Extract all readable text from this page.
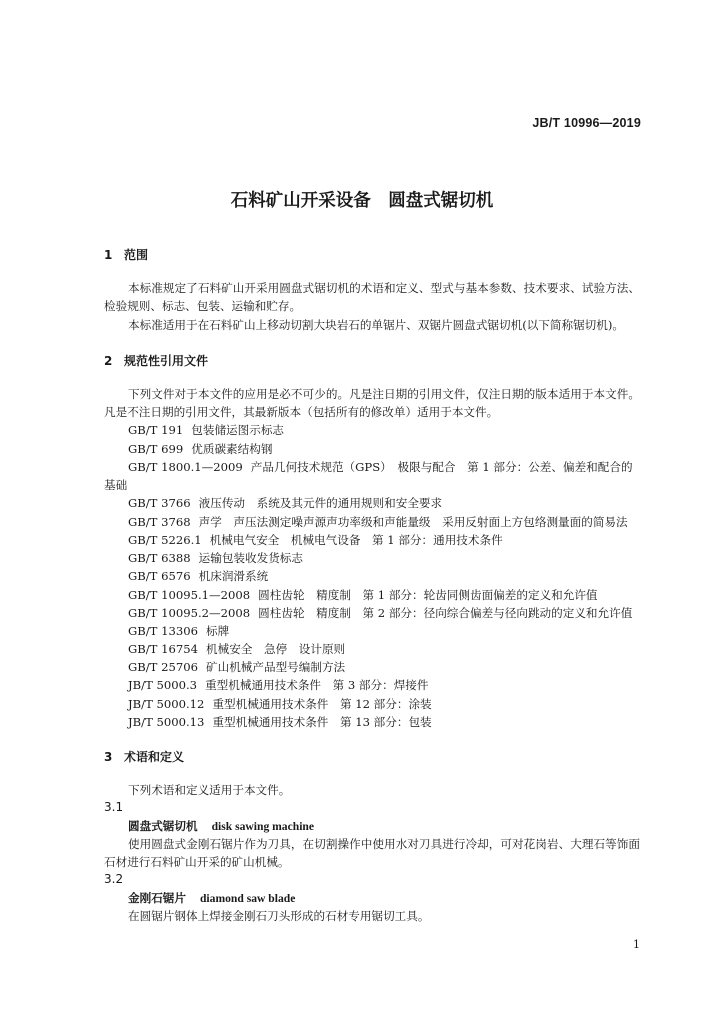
JB/T 10996—2019
石料矿山开采设备　圆盘式锯切机
1 范围

本标准规定了石料矿山开采用圆盘式锯切机的术语和定义、型式与基本参数、技术要求、试验方法、检验规则、标志、包装、运输和贮存。

本标准适用于在石料矿山上移动切割大块岩石的单锯片、双锯片圆盘式锯切机(以下简称锯切机)。

2 规范性引用文件

下列文件对于本文件的应用是必不可少的。凡是注日期的引用文件，仅注日期的版本适用于本文件。凡是不注日期的引用文件，其最新版本（包括所有的修改单）适用于本文件。

GB/T 191 包装储运图示标志
GB/T 699 优质碳素结构钢
GB/T 1800.1—2009 产品几何技术规范（GPS）　极限与配合　第 1 部分：公差、偏差和配合的基础
GB/T 3766 液压传动　系统及其元件的通用规则和安全要求
GB/T 3768 声学　声压法测定噪声源声功率级和声能量级　采用反射面上方包络测量面的简易法
GB/T 5226.1 机械电气安全　机械电气设备　第 1 部分：通用技术条件
GB/T 6388 运输包装收发货标志
GB/T 6576 机床润滑系统
GB/T 10095.1—2008 圆柱齿轮　精度制　第 1 部分：轮齿同侧齿面偏差的定义和允许值
GB/T 10095.2—2008 圆柱齿轮　精度制　第 2 部分：径向综合偏差与径向跳动的定义和允许值
GB/T 13306 标牌
GB/T 16754 机械安全　急停　设计原则
GB/T 25706 矿山机械产品型号编制方法
JB/T 5000.3 重型机械通用技术条件　第 3 部分：焊接件
JB/T 5000.12 重型机械通用技术条件　第 12 部分：涂装
JB/T 5000.13 重型机械通用技术条件　第 13 部分：包装
3 术语和定义

下列术语和定义适用于本文件。

3.1
圆盘式锯切机 disk sawing machine

使用圆盘式金刚石锯片作为刀具，在切割操作中使用水对刀具进行冷却，可对花岗岩、大理石等饰面石材进行石料矿山开采的矿山机械。

3.2
金刚石锯片 diamond saw blade

在圆锯片钢体上焊接金刚石刀头形成的石材专用锯切工具。

1
